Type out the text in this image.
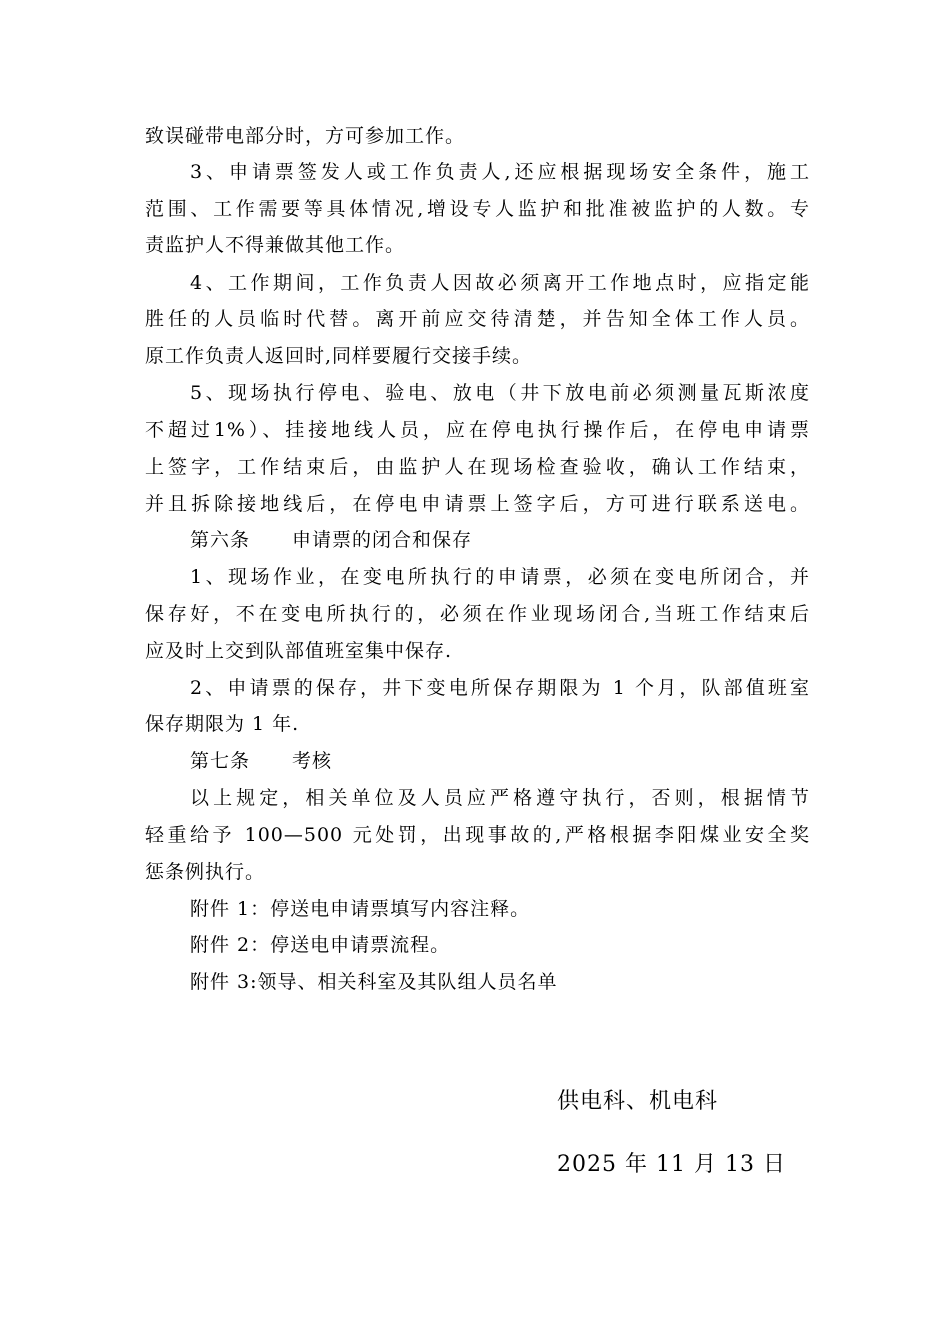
致误碰带电部分时，方可参加工作。
3、申请票签发人或工作负责人,还应根据现场安全条件，施工
范围、工作需要等具体情况,增设专人监护和批准被监护的人数。专
责监护人不得兼做其他工作。
4、工作期间，工作负责人因故必须离开工作地点时，应指定能
胜任的人员临时代替。离开前应交待清楚，并告知全体工作人员。
原工作负责人返回时,同样要履行交接手续。
5、现场执行停电、验电、放电（井下放电前必须测量瓦斯浓度
不超过1%）、挂接地线人员，应在停电执行操作后，在停电申请票
上签字，工作结束后，由监护人在现场检查验收，确认工作结束，
并且拆除接地线后，在停电申请票上签字后，方可进行联系送电。
第六条 申请票的闭合和保存
1、现场作业，在变电所执行的申请票，必须在变电所闭合，并
保存好，不在变电所执行的，必须在作业现场闭合,当班工作结束后
应及时上交到队部值班室集中保存.
2、申请票的保存，井下变电所保存期限为 1 个月，队部值班室
保存期限为 1 年.
第七条 考核
以上规定，相关单位及人员应严格遵守执行，否则，根据情节
轻重给予 100—500 元处罚，出现事故的,严格根据李阳煤业安全奖
惩条例执行。
附件 1：停送电申请票填写内容注释。
附件 2：停送电申请票流程。
附件 3:领导、相关科室及其队组人员名单
供电科、机电科
2025 年 11 月 13 日
